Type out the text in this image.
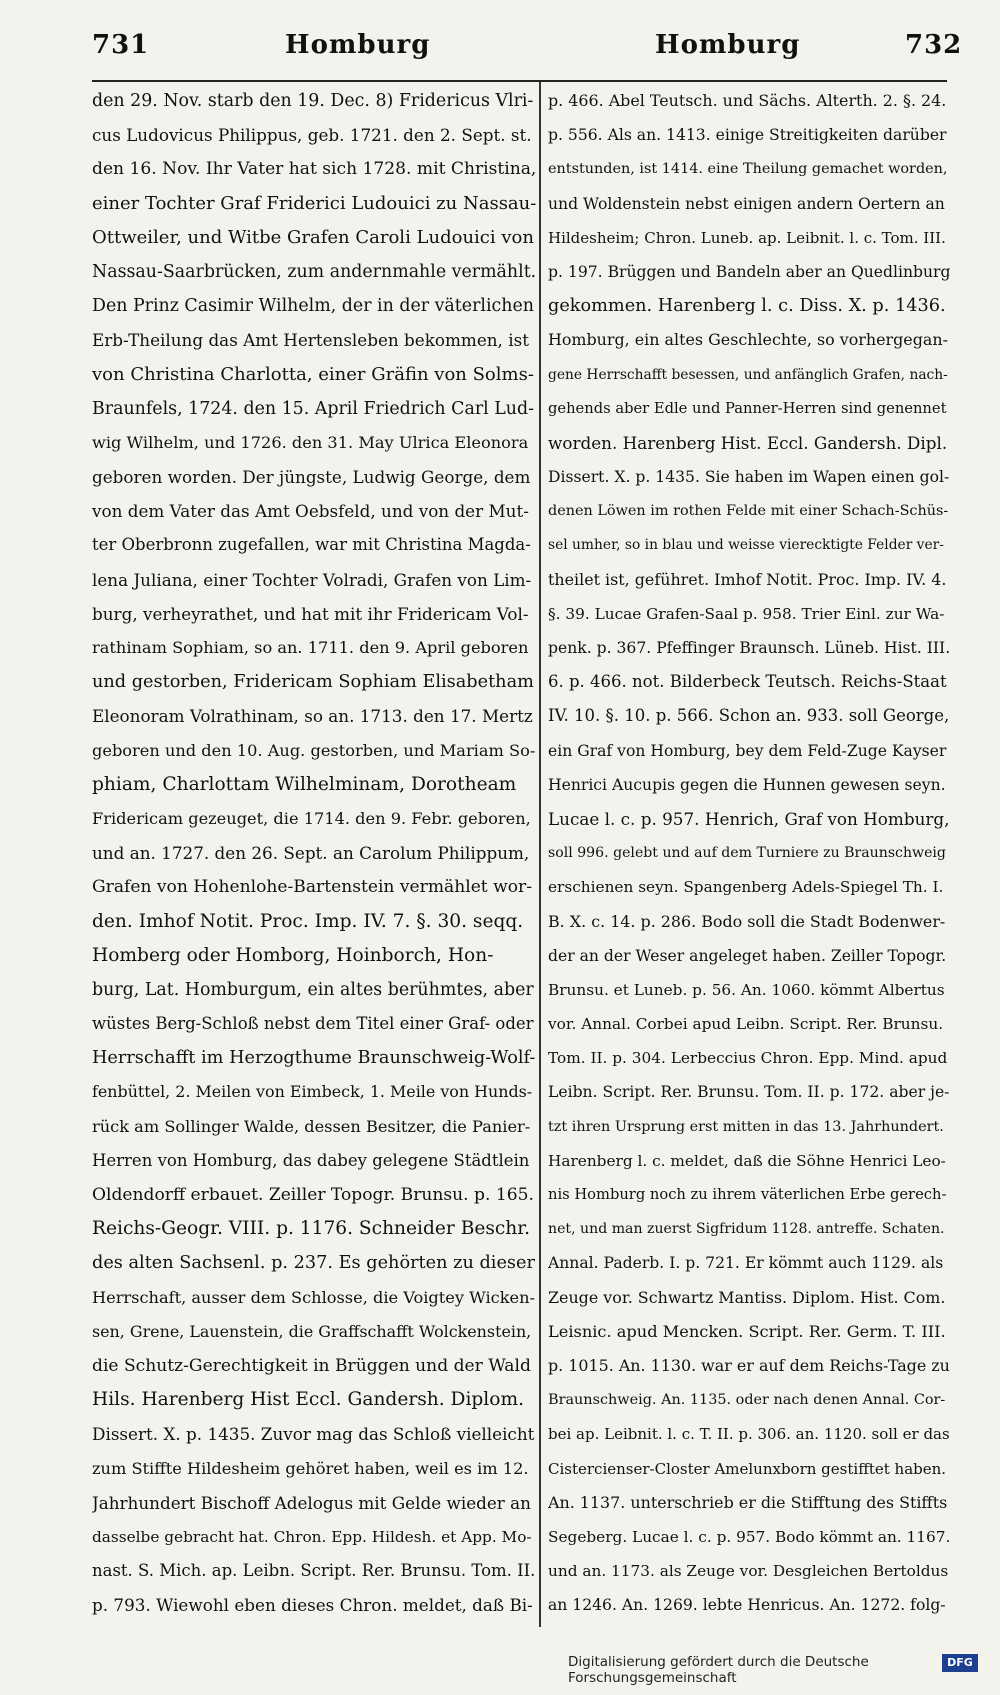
731	Homburg	Homburg	732
den 29. Nov. starb den 19. Dec. 8) Fridericus Vlri-
cus Ludovicus Philippus, geb. 1721. den 2. Sept. st.
den 16. Nov. Ihr Vater hat sich 1728. mit Christina,
einer Tochter Graf Friderici Ludouici zu Nassau-
Ottweiler, und Witbe Grafen Caroli Ludouici von
Nassau-Saarbrücken, zum andernmahle vermählt.
Den Prinz Casimir Wilhelm, der in der väterlichen
Erb-Theilung das Amt Hertensleben bekommen, ist
von Christina Charlotta, einer Gräfin von Solms-
Braunfels, 1724. den 15. April Friedrich Carl Lud-
wig Wilhelm, und 1726. den 31. May Ulrica Eleonora
geboren worden. Der jüngste, Ludwig George, dem
von dem Vater das Amt Oebsfeld, und von der Mut-
ter Oberbronn zugefallen, war mit Christina Magda-
lena Juliana, einer Tochter Volradi, Grafen von Lim-
burg, verheyrathet, und hat mit ihr Fridericam Vol-
rathinam Sophiam, so an. 1711. den 9. April geboren
und gestorben, Fridericam Sophiam Elisabetham
Eleonoram Volrathinam, so an. 1713. den 17. Mertz
geboren und den 10. Aug. gestorben, und Mariam So-
phiam, Charlottam Wilhelminam, Dorotheam
Fridericam gezeuget, die 1714. den 9. Febr. geboren,
und an. 1727. den 26. Sept. an Carolum Philippum,
Grafen von Hohenlohe-Bartenstein vermählet wor-
den. Imhof Notit. Proc. Imp. IV. 7. §. 30. seqq.
Homberg oder Homborg, Hoinborch, Hon-
burg, Lat. Homburgum, ein altes berühmtes, aber
wüstes Berg-Schloß nebst dem Titel einer Graf- oder
Herrschafft im Herzogthume Braunschweig-Wolf-
fenbüttel, 2. Meilen von Eimbeck, 1. Meile von Hunds-
rück am Sollinger Walde, dessen Besitzer, die Panier-
Herren von Homburg, das dabey gelegene Städtlein
Oldendorff erbauet. Zeiller Topogr. Brunsu. p. 165.
Reichs-Geogr. VIII. p. 1176. Schneider Beschr.
des alten Sachsenl. p. 237. Es gehörten zu dieser
Herrschaft, ausser dem Schlosse, die Voigtey Wicken-
sen, Grene, Lauenstein, die Graffschafft Wolckenstein,
die Schutz-Gerechtigkeit in Brüggen und der Wald
Hils. Harenberg Hist Eccl. Gandersh. Diplom.
Dissert. X. p. 1435. Zuvor mag das Schloß vielleicht
zum Stiffte Hildesheim gehöret haben, weil es im 12.
Jahrhundert Bischoff Adelogus mit Gelde wieder an
dasselbe gebracht hat. Chron. Epp. Hildesh. et App. Mo-
nast. S. Mich. ap. Leibn. Script. Rer. Brunsu. Tom. II.
p. 793. Wiewohl eben dieses Chron. meldet, daß Bi-
p. 466. Abel Teutsch. und Sächs. Alterth. 2. §. 24.
p. 556. Als an. 1413. einige Streitigkeiten darüber
entstunden, ist 1414. eine Theilung gemachet worden,
und Woldenstein nebst einigen andern Oertern an
Hildesheim; Chron. Luneb. ap. Leibnit. l. c. Tom. III.
p. 197. Brüggen und Bandeln aber an Quedlinburg
gekommen. Harenberg l. c. Diss. X. p. 1436.
Homburg, ein altes Geschlechte, so vorhergegan-
gene Herrschafft besessen, und anfänglich Grafen, nach-
gehends aber Edle und Panner-Herren sind genennet
worden. Harenberg Hist. Eccl. Gandersh. Dipl.
Dissert. X. p. 1435. Sie haben im Wapen einen gol-
denen Löwen im rothen Felde mit einer Schach-Schüs-
sel umher, so in blau und weisse vierecktigte Felder ver-
theilet ist, geführet. Imhof Notit. Proc. Imp. IV. 4.
§. 39. Lucae Grafen-Saal p. 958. Trier Einl. zur Wa-
penk. p. 367. Pfeffinger Braunsch. Lüneb. Hist. III.
6. p. 466. not. Bilderbeck Teutsch. Reichs-Staat
IV. 10. §. 10. p. 566. Schon an. 933. soll George,
ein Graf von Homburg, bey dem Feld-Zuge Kayser
Henrici Aucupis gegen die Hunnen gewesen seyn.
Lucae l. c. p. 957. Henrich, Graf von Homburg,
soll 996. gelebt und auf dem Turniere zu Braunschweig
erschienen seyn. Spangenberg Adels-Spiegel Th. I.
B. X. c. 14. p. 286. Bodo soll die Stadt Bodenwer-
der an der Weser angeleget haben. Zeiller Topogr.
Brunsu. et Luneb. p. 56. An. 1060. kömmt Albertus
vor. Annal. Corbei apud Leibn. Script. Rer. Brunsu.
Tom. II. p. 304. Lerbeccius Chron. Epp. Mind. apud
Leibn. Script. Rer. Brunsu. Tom. II. p. 172. aber je-
tzt ihren Ursprung erst mitten in das 13. Jahrhundert.
Harenberg l. c. meldet, daß die Söhne Henrici Leo-
nis Homburg noch zu ihrem väterlichen Erbe gerech-
net, und man zuerst Sigfridum 1128. antreffe. Schaten.
Annal. Paderb. I. p. 721. Er kömmt auch 1129. als
Zeuge vor. Schwartz Mantiss. Diplom. Hist. Com.
Leisnic. apud Mencken. Script. Rer. Germ. T. III.
p. 1015. An. 1130. war er auf dem Reichs-Tage zu
Braunschweig. An. 1135. oder nach denen Annal. Cor-
bei ap. Leibnit. l. c. T. II. p. 306. an. 1120. soll er das
Cistercienser-Closter Amelunxborn gestifftet haben.
An. 1137. unterschrieb er die Stifftung des Stiffts
Segeberg. Lucae l. c. p. 957. Bodo kömmt an. 1167.
und an. 1173. als Zeuge vor. Desgleichen Bertoldus
an 1246. An. 1269. lebte Henricus. An. 1272. folg-
Digitalisierung gefördert durch die Deutsche Forschungsgemeinschaft
DFG
